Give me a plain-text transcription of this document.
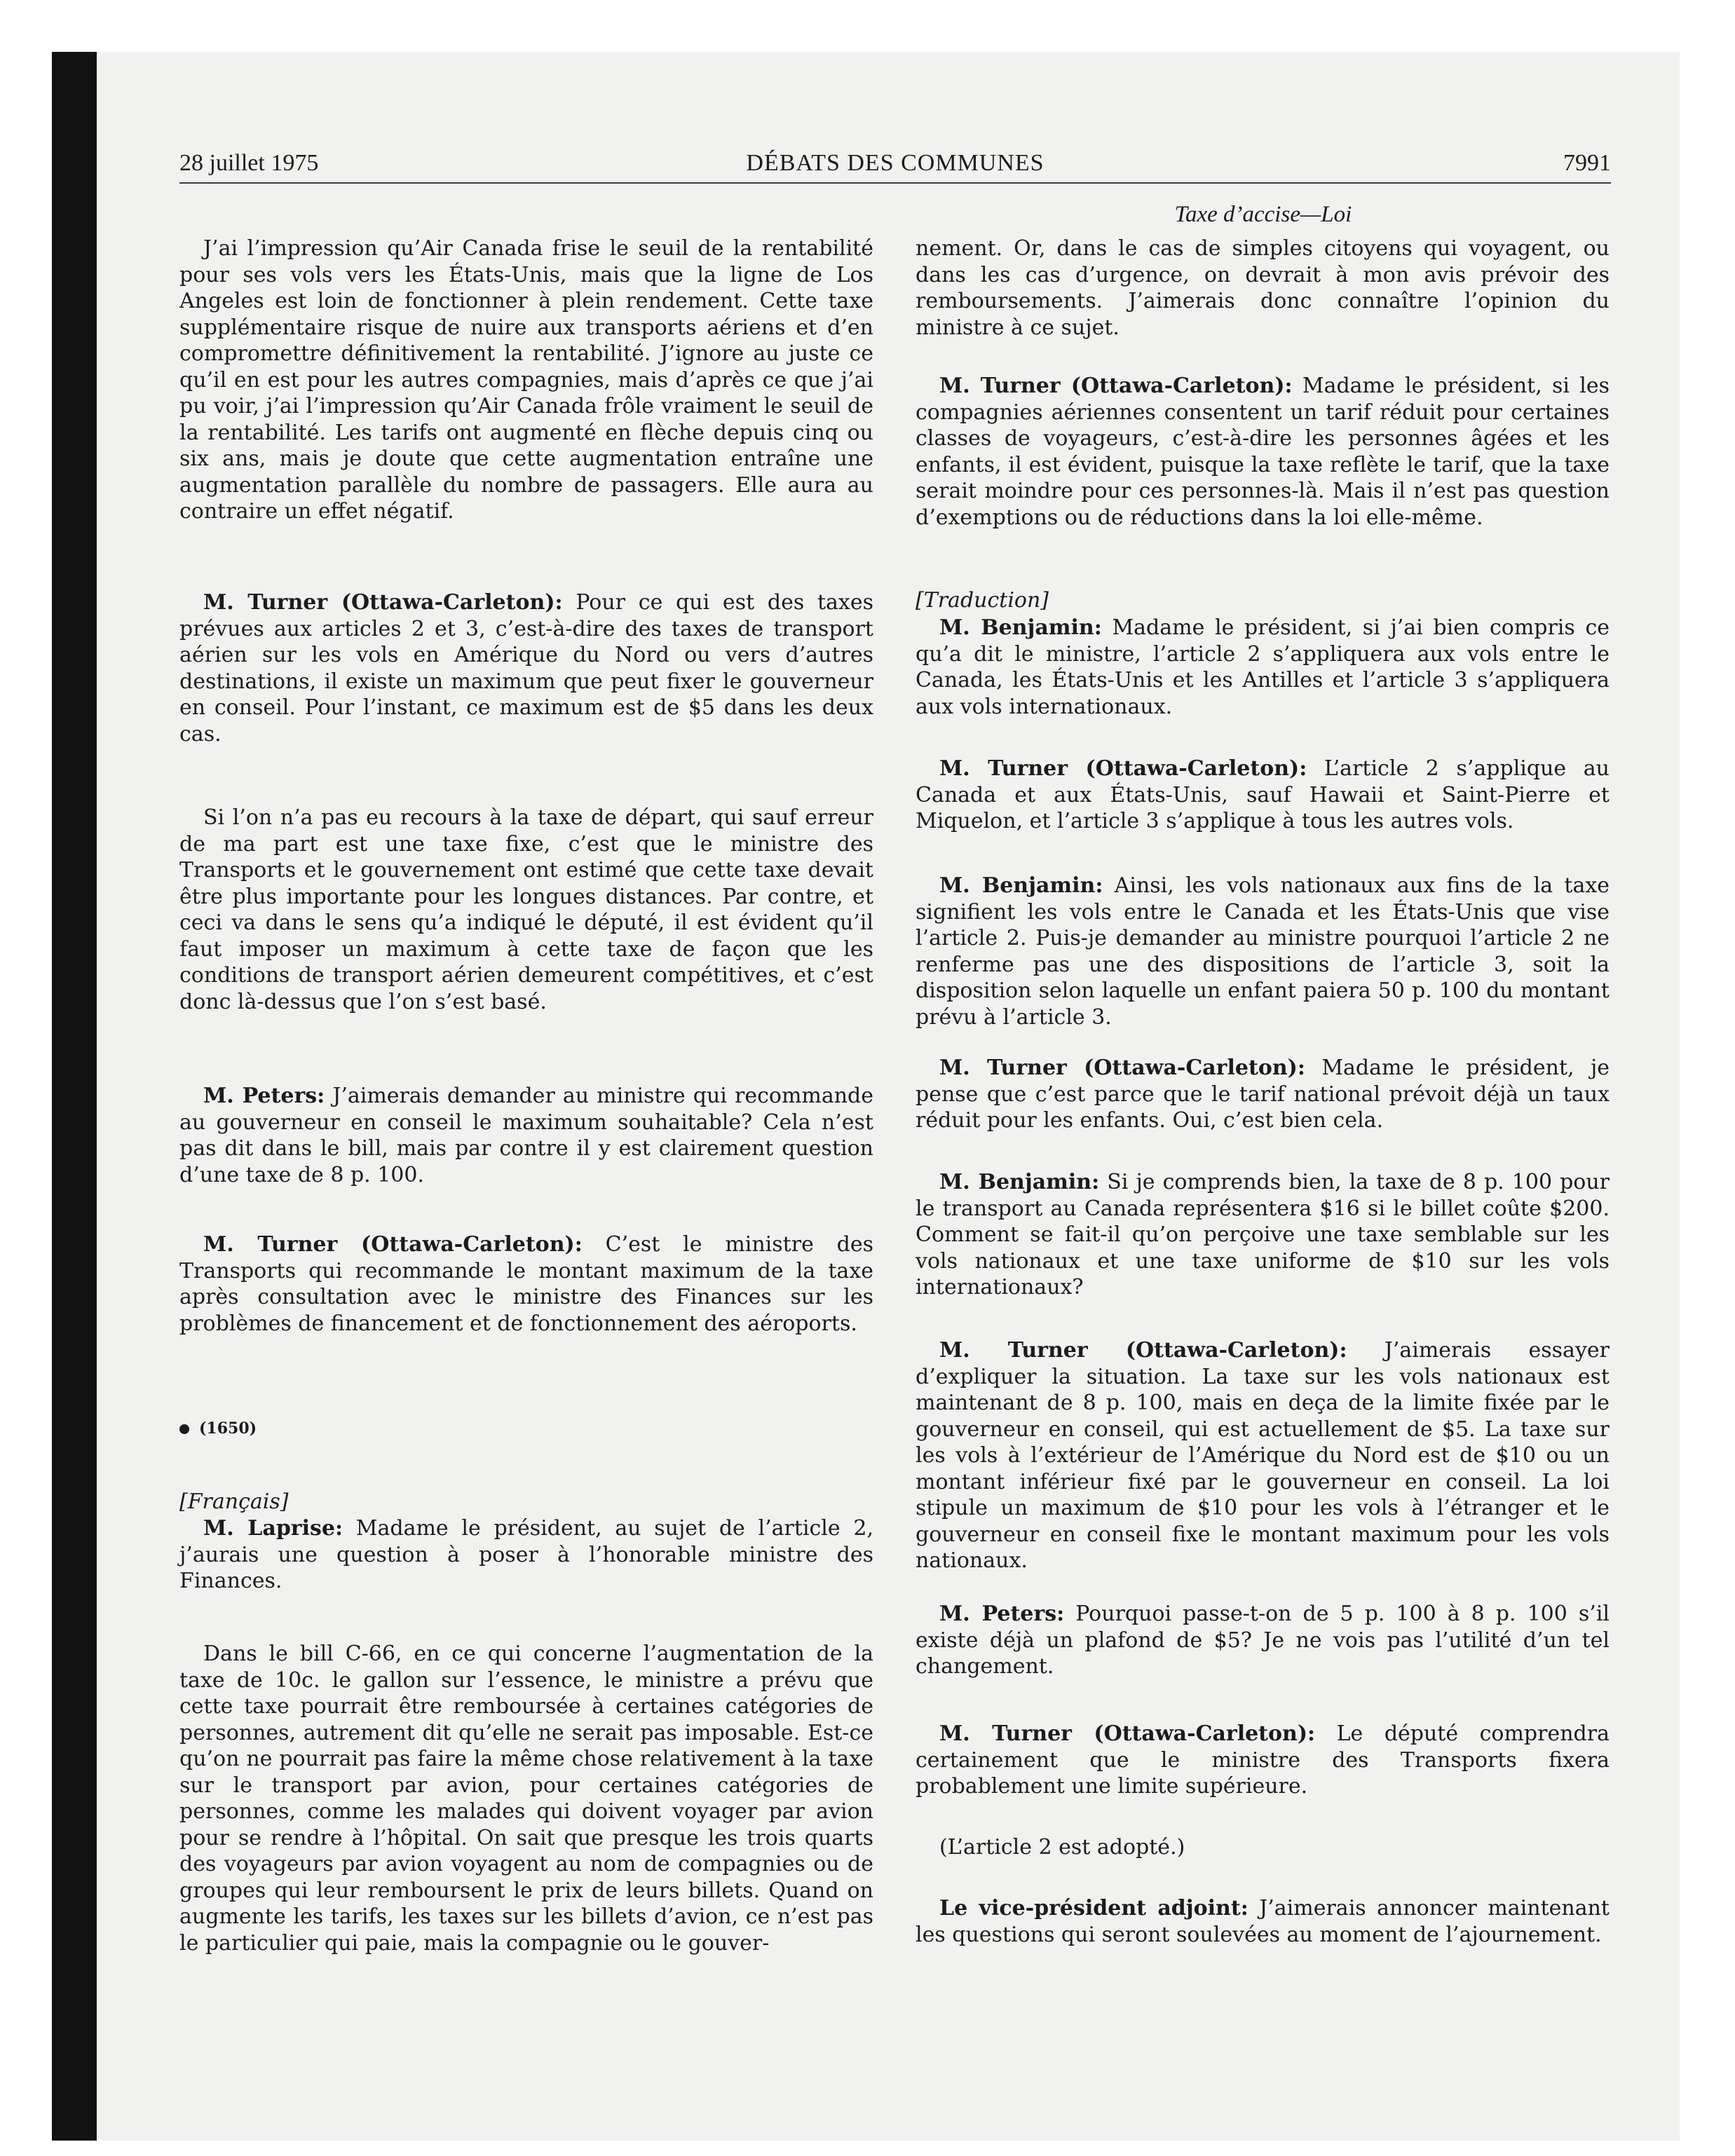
28 juillet 1975	DÉBATS DES COMMUNES	7991
Taxe d’accise—Loi

J’ai l’impression qu’Air Canada frise le seuil de la rentabilité pour ses vols vers les États-Unis, mais que la ligne de Los Angeles est loin de fonctionner à plein rendement. Cette taxe supplémentaire risque de nuire aux transports aériens et d’en compromettre définitivement la rentabilité. J’ignore au juste ce qu’il en est pour les autres compagnies, mais d’après ce que j’ai pu voir, j’ai l’impression qu’Air Canada frôle vraiment le seuil de la rentabilité. Les tarifs ont augmenté en flèche depuis cinq ou six ans, mais je doute que cette augmentation entraîne une augmentation parallèle du nombre de passagers. Elle aura au contraire un effet négatif.

M. Turner (Ottawa-Carleton): Pour ce qui est des taxes prévues aux articles 2 et 3, c’est-à-dire des taxes de transport aérien sur les vols en Amérique du Nord ou vers d’autres destinations, il existe un maximum que peut fixer le gouverneur en conseil. Pour l’instant, ce maximum est de $5 dans les deux cas.

Si l’on n’a pas eu recours à la taxe de départ, qui sauf erreur de ma part est une taxe fixe, c’est que le ministre des Transports et le gouvernement ont estimé que cette taxe devait être plus importante pour les longues distances. Par contre, et ceci va dans le sens qu’a indiqué le député, il est évident qu’il faut imposer un maximum à cette taxe de façon que les conditions de transport aérien demeurent compétitives, et c’est donc là-dessus que l’on s’est basé.

M. Peters: J’aimerais demander au ministre qui recommande au gouverneur en conseil le maximum souhaitable? Cela n’est pas dit dans le bill, mais par contre il y est clairement question d’une taxe de 8 p. 100.

M. Turner (Ottawa-Carleton): C’est le ministre des Transports qui recommande le montant maximum de la taxe après consultation avec le ministre des Finances sur les problèmes de financement et de fonctionnement des aéroports.

(1650)
[Français]

M. Laprise: Madame le président, au sujet de l’article 2, j’aurais une question à poser à l’honorable ministre des Finances.

Dans le bill C-66, en ce qui concerne l’augmentation de la taxe de 10c. le gallon sur l’essence, le ministre a prévu que cette taxe pourrait être remboursée à certaines catégories de personnes, autrement dit qu’elle ne serait pas imposable. Est-ce qu’on ne pourrait pas faire la même chose relativement à la taxe sur le transport par avion, pour certaines catégories de personnes, comme les malades qui doivent voyager par avion pour se rendre à l’hôpital. On sait que presque les trois quarts des voyageurs par avion voyagent au nom de compagnies ou de groupes qui leur remboursent le prix de leurs billets. Quand on augmente les tarifs, les taxes sur les billets d’avion, ce n’est pas le particulier qui paie, mais la compagnie ou le gouver-

nement. Or, dans le cas de simples citoyens qui voyagent, ou dans les cas d’urgence, on devrait à mon avis prévoir des remboursements. J’aimerais donc connaître l’opinion du ministre à ce sujet.

M. Turner (Ottawa-Carleton): Madame le président, si les compagnies aériennes consentent un tarif réduit pour certaines classes de voyageurs, c’est-à-dire les personnes âgées et les enfants, il est évident, puisque la taxe reflète le tarif, que la taxe serait moindre pour ces personnes-là. Mais il n’est pas question d’exemptions ou de réductions dans la loi elle-même.

[Traduction]

M. Benjamin: Madame le président, si j’ai bien compris ce qu’a dit le ministre, l’article 2 s’appliquera aux vols entre le Canada, les États-Unis et les Antilles et l’article 3 s’appliquera aux vols internationaux.

M. Turner (Ottawa-Carleton): L’article 2 s’applique au Canada et aux États-Unis, sauf Hawaii et Saint-Pierre et Miquelon, et l’article 3 s’applique à tous les autres vols.

M. Benjamin: Ainsi, les vols nationaux aux fins de la taxe signifient les vols entre le Canada et les États-Unis que vise l’article 2. Puis-je demander au ministre pourquoi l’article 2 ne renferme pas une des dispositions de l’article 3, soit la disposition selon laquelle un enfant paiera 50 p. 100 du montant prévu à l’article 3.

M. Turner (Ottawa-Carleton): Madame le président, je pense que c’est parce que le tarif national prévoit déjà un taux réduit pour les enfants. Oui, c’est bien cela.

M. Benjamin: Si je comprends bien, la taxe de 8 p. 100 pour le transport au Canada représentera $16 si le billet coûte $200. Comment se fait-il qu’on perçoive une taxe semblable sur les vols nationaux et une taxe uniforme de $10 sur les vols internationaux?

M. Turner (Ottawa-Carleton): J’aimerais essayer d’expliquer la situation. La taxe sur les vols nationaux est maintenant de 8 p. 100, mais en deça de la limite fixée par le gouverneur en conseil, qui est actuellement de $5. La taxe sur les vols à l’extérieur de l’Amérique du Nord est de $10 ou un montant inférieur fixé par le gouverneur en conseil. La loi stipule un maximum de $10 pour les vols à l’étranger et le gouverneur en conseil fixe le montant maximum pour les vols nationaux.

M. Peters: Pourquoi passe-t-on de 5 p. 100 à 8 p. 100 s’il existe déjà un plafond de $5? Je ne vois pas l’utilité d’un tel changement.

M. Turner (Ottawa-Carleton): Le député comprendra certainement que le ministre des Transports fixera probablement une limite supérieure.

(L’article 2 est adopté.)

Le vice-président adjoint: J’aimerais annoncer maintenant les questions qui seront soulevées au moment de l’ajournement.
